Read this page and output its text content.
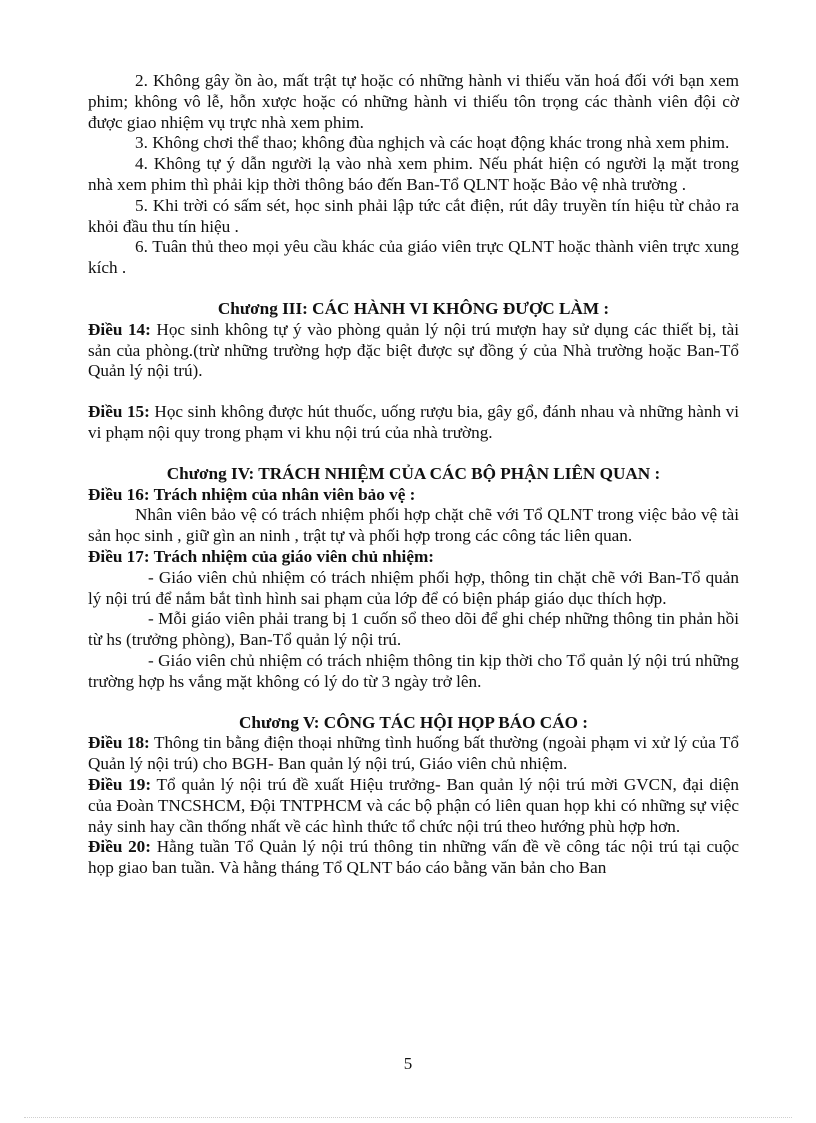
2. Không gây ồn ào, mất trật tự hoặc có những hành vi thiếu văn hoá đối với bạn xem phim; không vô lễ, hỗn xược hoặc có những hành vi thiếu tôn trọng các thành viên đội cờ được giao nhiệm vụ trực nhà xem phim.

3. Không chơi thể thao; không đùa nghịch và các hoạt động khác trong nhà xem phim.

4. Không tự ý dẫn người lạ vào nhà xem phim. Nếu phát hiện có người lạ mặt trong nhà xem phim thì phải kịp thời thông báo đến Ban-Tổ QLNT hoặc Bảo vệ nhà trường .

5. Khi trời có sấm sét, học sinh phải lập tức cắt điện, rút dây truyền tín hiệu từ chảo ra khỏi đầu thu tín hiệu .

6. Tuân thủ theo mọi yêu cầu khác của giáo viên trực QLNT hoặc thành viên trực xung kích .

Chương III: CÁC HÀNH VI KHÔNG ĐƯỢC LÀM :

Điều 14: Học sinh không tự ý vào phòng quản lý nội trú mượn hay sử dụng các thiết bị, tài sản của phòng.(trừ những trường hợp đặc biệt được sự đồng ý của Nhà trường hoặc Ban-Tổ Quản lý nội trú).

Điều 15: Học sinh không được hút thuốc, uống rượu bia, gây gổ, đánh nhau và những hành vi vi phạm nội quy trong phạm vi khu nội trú của nhà trường.

Chương IV: TRÁCH NHIỆM CỦA CÁC BỘ PHẬN LIÊN QUAN :

Điều 16: Trách nhiệm của nhân viên bảo vệ :

Nhân viên bảo vệ có trách nhiệm phối hợp chặt chẽ với Tổ QLNT trong việc bảo vệ tài sản học sinh , giữ gìn an ninh , trật tự và phối hợp trong các công tác liên quan.

Điều 17: Trách nhiệm của giáo viên chủ nhiệm:

- Giáo viên chủ nhiệm có trách nhiệm phối hợp, thông tin chặt chẽ với Ban-Tổ quản lý nội trú để nắm bắt tình hình sai phạm của lớp để có biện pháp giáo dục thích hợp.

- Mỗi giáo viên phải trang bị 1 cuốn sổ theo dõi để ghi chép những thông tin phản hồi từ hs (trưởng phòng), Ban-Tổ quản lý nội trú.

- Giáo viên chủ nhiệm có trách nhiệm thông tin kịp thời cho Tổ quản lý nội trú những trường hợp hs vắng mặt không có lý do từ 3 ngày trở lên.

Chương V: CÔNG TÁC HỘI HỌP BÁO CÁO :

Điều 18: Thông tin bằng điện thoại những tình huống bất thường (ngoài phạm vi xử lý của Tổ Quản lý nội trú) cho BGH- Ban quản lý nội trú, Giáo viên chủ nhiệm.

Điều 19: Tổ quản lý nội trú đề xuất Hiệu trưởng- Ban quản lý nội trú mời GVCN, đại diện của Đoàn TNCSHCM, Đội TNTPHCM và các bộ phận có liên quan họp khi có những sự việc nảy sinh hay cần thống nhất về các hình thức tổ chức nội trú theo hướng phù hợp hơn.

Điều 20: Hằng tuần Tổ Quản lý nội trú thông tin những vấn đề về công tác nội trú tại cuộc họp giao ban tuần. Và hằng tháng Tổ QLNT báo cáo bằng văn bản cho Ban

5
